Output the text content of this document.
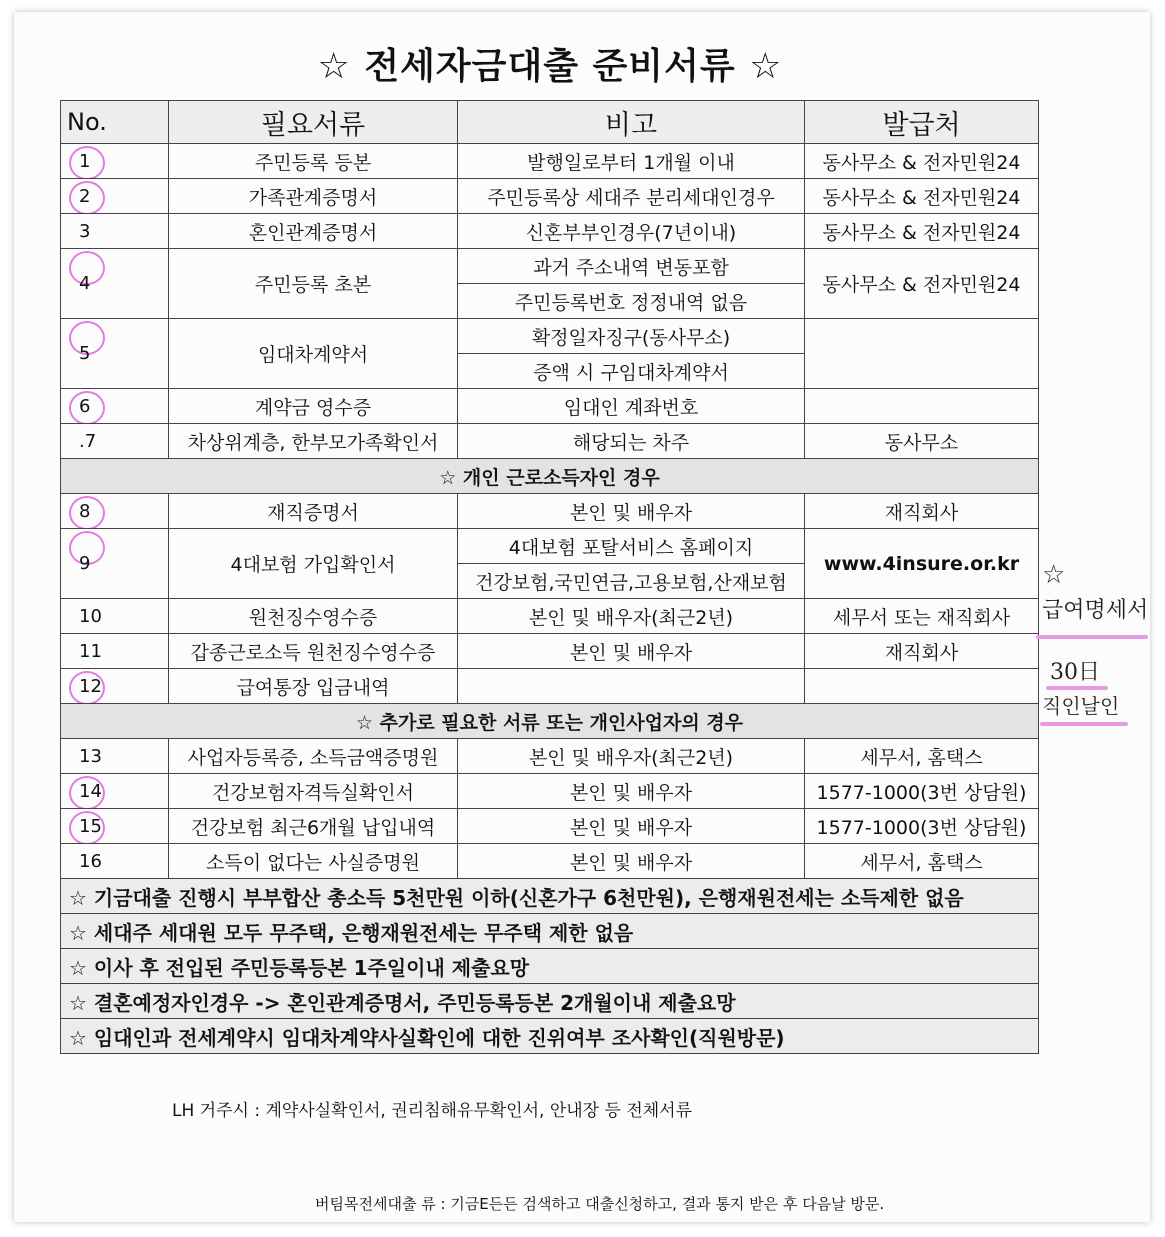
☆ 전세자금대출 준비서류 ☆
No.	필요서류	비고	발급처

1	주민등록 등본	발행일로부터 1개월 이내	동사무소 & 전자민원24

2	가족관계증명서	주민등록상 세대주 분리세대인경우	동사무소 & 전자민원24
3	혼인관계증명서	신혼부부인경우(7년이내)	동사무소 & 전자민원24

4	주민등록 초본	과거 주소내역 변동포함	동사무소 & 전자민원24
		주민등록번호 정정내역 없음	

5	임대차계약서	확정일자징구(동사무소)	
		증액 시 구임대차계약서	

6	계약금 영수증	임대인 계좌번호	
.7	차상위계층, 한부모가족확인서	해당되는 차주	동사무소
☆ 개인 근로소득자인 경우			

8	재직증명서	본인 및 배우자	재직회사

9	4대보험 가입확인서	4대보험 포탈서비스 홈페이지	www.4insure.or.kr
		건강보험,국민연금,고용보험,산재보험	
10	원천징수영수증	본인 및 배우자(최근2년)	세무서 또는 재직회사
11	갑종근로소득 원천징수영수증	본인 및 배우자	재직회사

12	급여통장 입금내역		
☆ 추가로 필요한 서류 또는 개인사업자의 경우			
13	사업자등록증, 소득금액증명원	본인 및 배우자(최근2년)	세무서, 홈택스

14	건강보험자격득실확인서	본인 및 배우자	1577-1000(3번 상담원)

15	건강보험 최근6개월 납입내역	본인 및 배우자	1577-1000(3번 상담원)
16	소득이 없다는 사실증명원	본인 및 배우자	세무서, 홈택스
☆ 기금대출 진행시 부부합산 총소득 5천만원 이하(신혼가구 6천만원), 은행재원전세는 소득제한 없음			
☆ 세대주 세대원 모두 무주택, 은행재원전세는 무주택 제한 없음			
☆ 이사 후 전입된 주민등록등본 1주일이내 제출요망			
☆ 결혼예정자인경우 -> 혼인관계증명서, 주민등록등본 2개월이내 제출요망			
☆ 임대인과 전세계약시 임대차계약사실확인에 대한 진위여부 조사확인(직원방문)			
LH 거주시 : 계약사실확인서, 권리침해유무확인서, 안내장 등 전체서류
버팀목전세대출 류 : 기금E든든 검색하고 대출신청하고, 결과 통지 받은 후 다음날 방문.
☆
급여명세서
30日
직인날인
